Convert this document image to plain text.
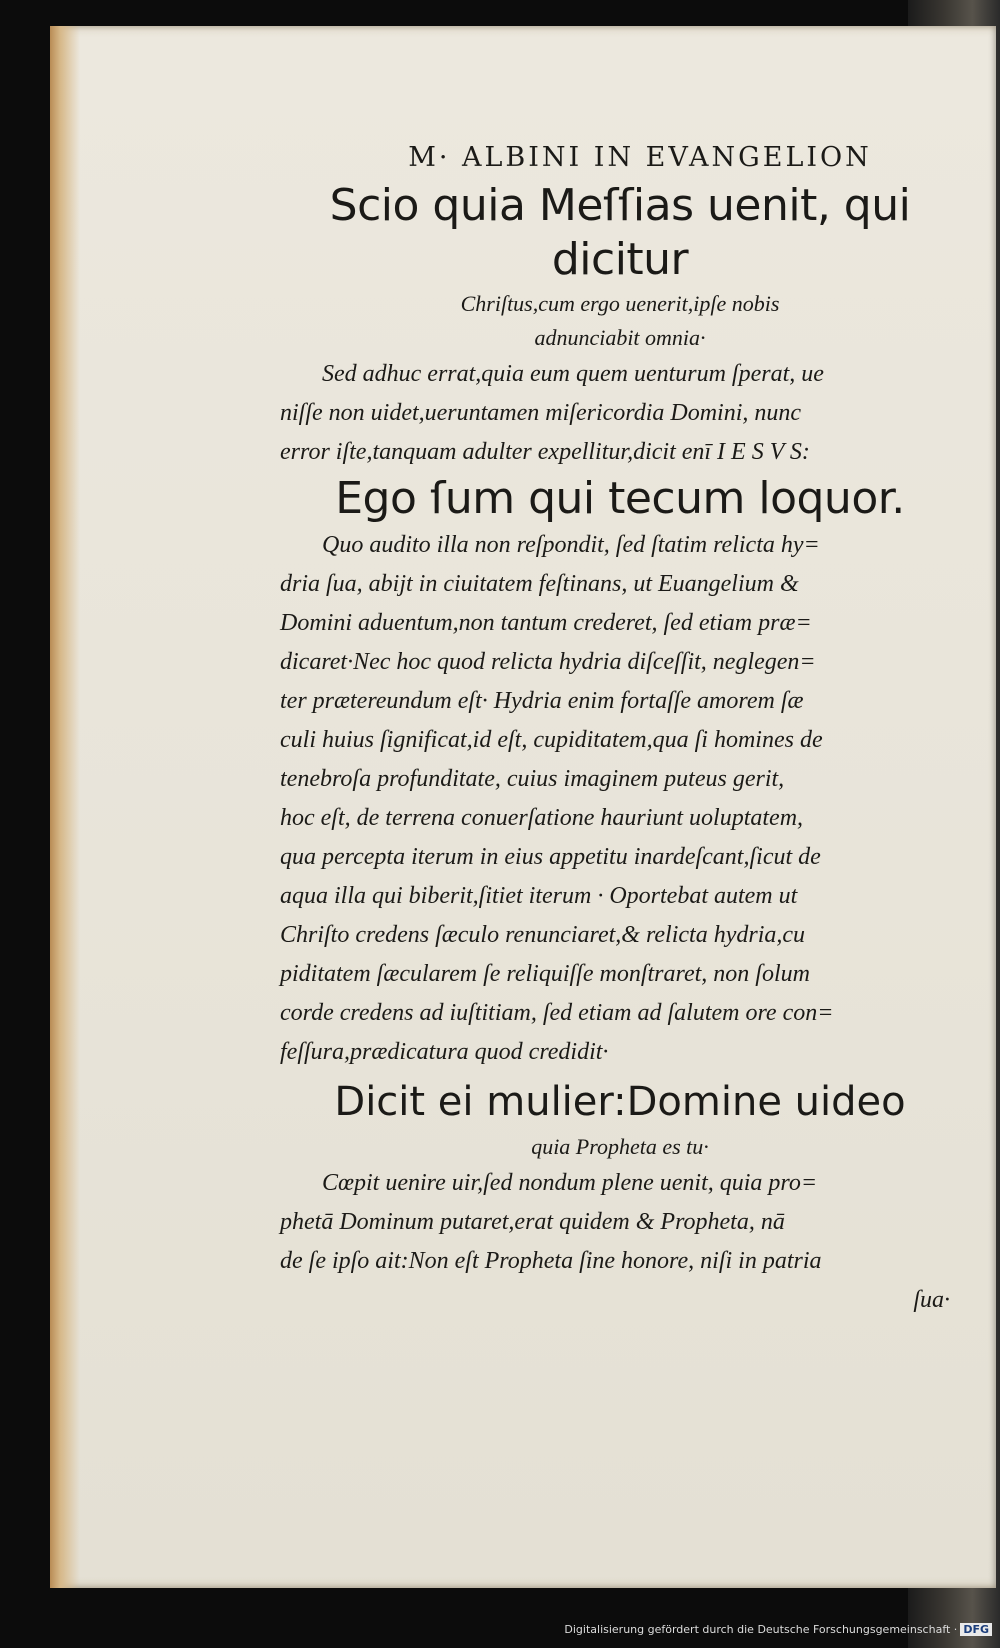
M· ALBINI IN EVANGELION
Scio quia Meſſias uenit, qui dicitur
Chriſtus,cum ergo uenerit,ipſe nobis
adnunciabit omnia·

Sed adhuc errat,quia eum quem uenturum ſperat, ue
niſſe non uidet,ueruntamen miſericordia Domini, nunc
error iſte,tanquam adulter expellitur,dicit enī I E S V S:

Ego ſum qui tecum loquor.

Quo audito illa non reſpondit, ſed ſtatim relicta hy=
dria ſua, abijt in ciuitatem feſtinans, ut Euangelium &
Domini aduentum,non tantum crederet, ſed etiam præ=
dicaret·Nec hoc quod relicta hydria diſceſſit, neglegen=
ter prætereundum eſt· Hydria enim fortaſſe amorem ſæ
culi huius ſignificat,id eſt, cupiditatem,qua ſi homines de
tenebroſa profunditate, cuius imaginem puteus gerit,
hoc eſt, de terrena conuerſatione hauriunt uoluptatem,
qua percepta iterum in eius appetitu inardeſcant,ſicut de
aqua illa qui biberit,ſitiet iterum · Oportebat autem ut
Chriſto credens ſæculo renunciaret,& relicta hydria,cu
piditatem ſæcularem ſe reliquiſſe monſtraret, non ſolum
corde credens ad iuſtitiam, ſed etiam ad ſalutem ore con=
feſſura,prædicatura quod credidit·

Dicit ei mulier:Domine uideo
quia Propheta es tu·

Cœpit uenire uir,ſed nondum plene uenit, quia pro=
phetā Dominum putaret,erat quidem & Propheta, nā
de ſe ipſo ait:Non eſt Propheta ſine honore, niſi in patria
ſua·

Digitalisierung gefördert durch die Deutsche Forschungsgemeinschaft · DFG
